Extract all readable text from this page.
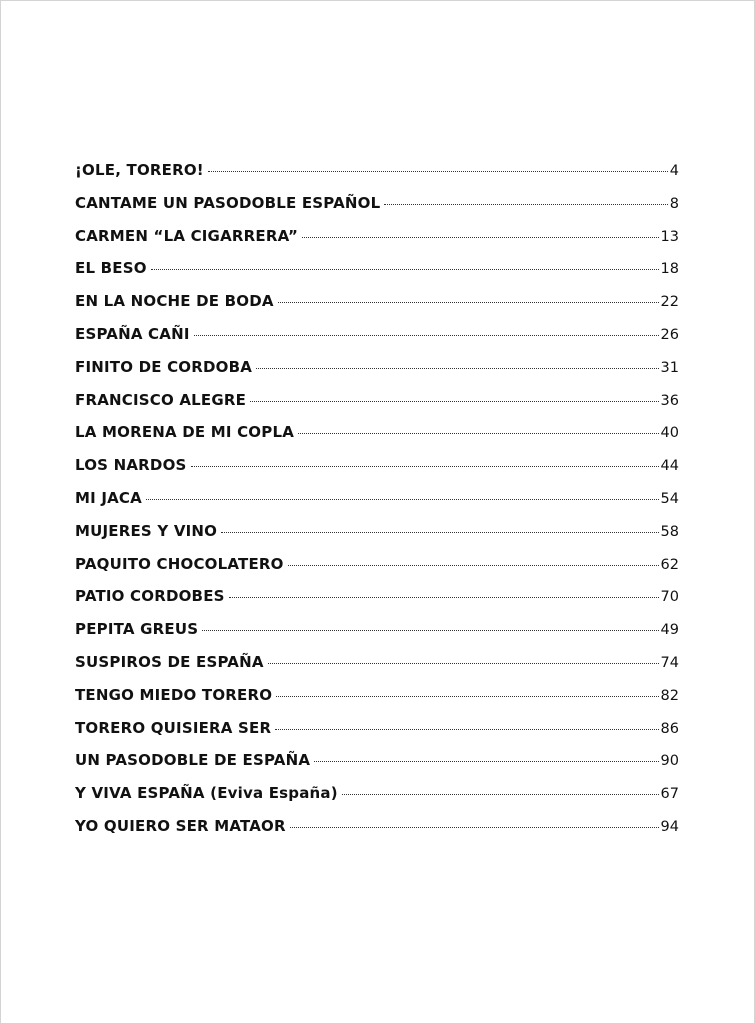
¡OLE, TORERO!	4
CANTAME UN PASODOBLE ESPAÑOL	8
CARMEN “LA CIGARRERA”	13
EL BESO	18
EN LA NOCHE DE BODA	22
ESPAÑA CAÑI	26
FINITO DE CORDOBA	31
FRANCISCO ALEGRE	36
LA MORENA DE MI COPLA	40
LOS NARDOS	44
MI JACA	54
MUJERES Y VINO	58
PAQUITO CHOCOLATERO	62
PATIO CORDOBES	70
PEPITA GREUS	49
SUSPIROS DE ESPAÑA	74
TENGO MIEDO TORERO	82
TORERO QUISIERA SER	86
UN PASODOBLE DE ESPAÑA	90
Y VIVA ESPAÑA (Eviva España)	67
YO QUIERO SER MATAOR	94
